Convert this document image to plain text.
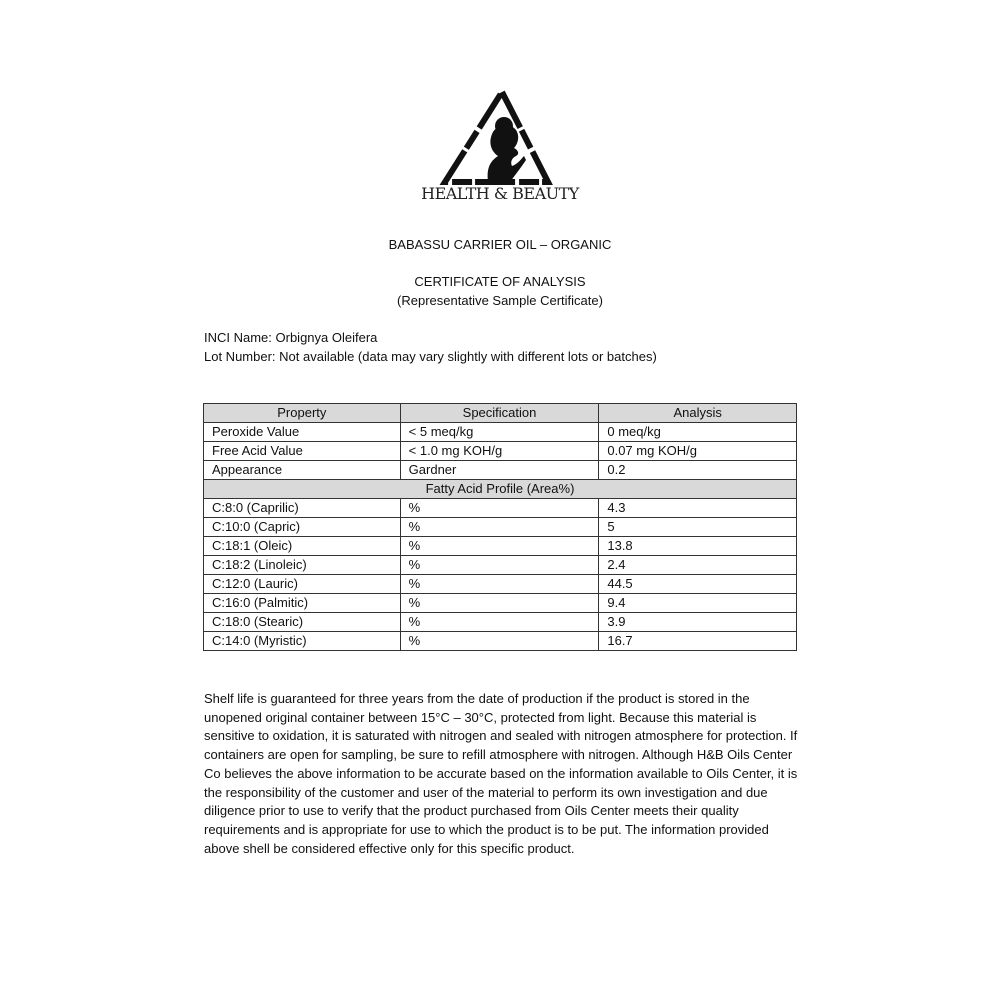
HEALTH & BEAUTY
BABASSU CARRIER OIL – ORGANIC
CERTIFICATE OF ANALYSIS
(Representative Sample Certificate)
INCI Name: Orbignya Oleifera
Lot Number: Not available (data may vary slightly with different lots or batches)
Property	Specification	Analysis
Peroxide Value	< 5 meq/kg	0 meq/kg
Free Acid Value	< 1.0 mg KOH/g	0.07 mg KOH/g
Appearance	Gardner	0.2
Fatty Acid Profile (Area%)		
C:8:0 (Caprilic)	%	4.3
C:10:0 (Capric)	%	5
C:18:1 (Oleic)	%	13.8
C:18:2 (Linoleic)	%	2.4
C:12:0 (Lauric)	%	44.5
C:16:0 (Palmitic)	%	9.4
C:18:0 (Stearic)	%	3.9
C:14:0 (Myristic)	%	16.7
Shelf life is guaranteed for three years from the date of production if the product is stored in the unopened original container between 15°C – 30°C, protected from light. Because this material is sensitive to oxidation, it is saturated with nitrogen and sealed with nitrogen atmosphere for protection. If containers are open for sampling, be sure to refill atmosphere with nitrogen. Although H&B Oils Center Co believes the above information to be accurate based on the information available to Oils Center, it is the responsibility of the customer and user of the material to perform its own investigation and due diligence prior to use to verify that the product purchased from Oils Center meets their quality requirements and is appropriate for use to which the product is to be put. The information provided above shell be considered effective only for this specific product.
